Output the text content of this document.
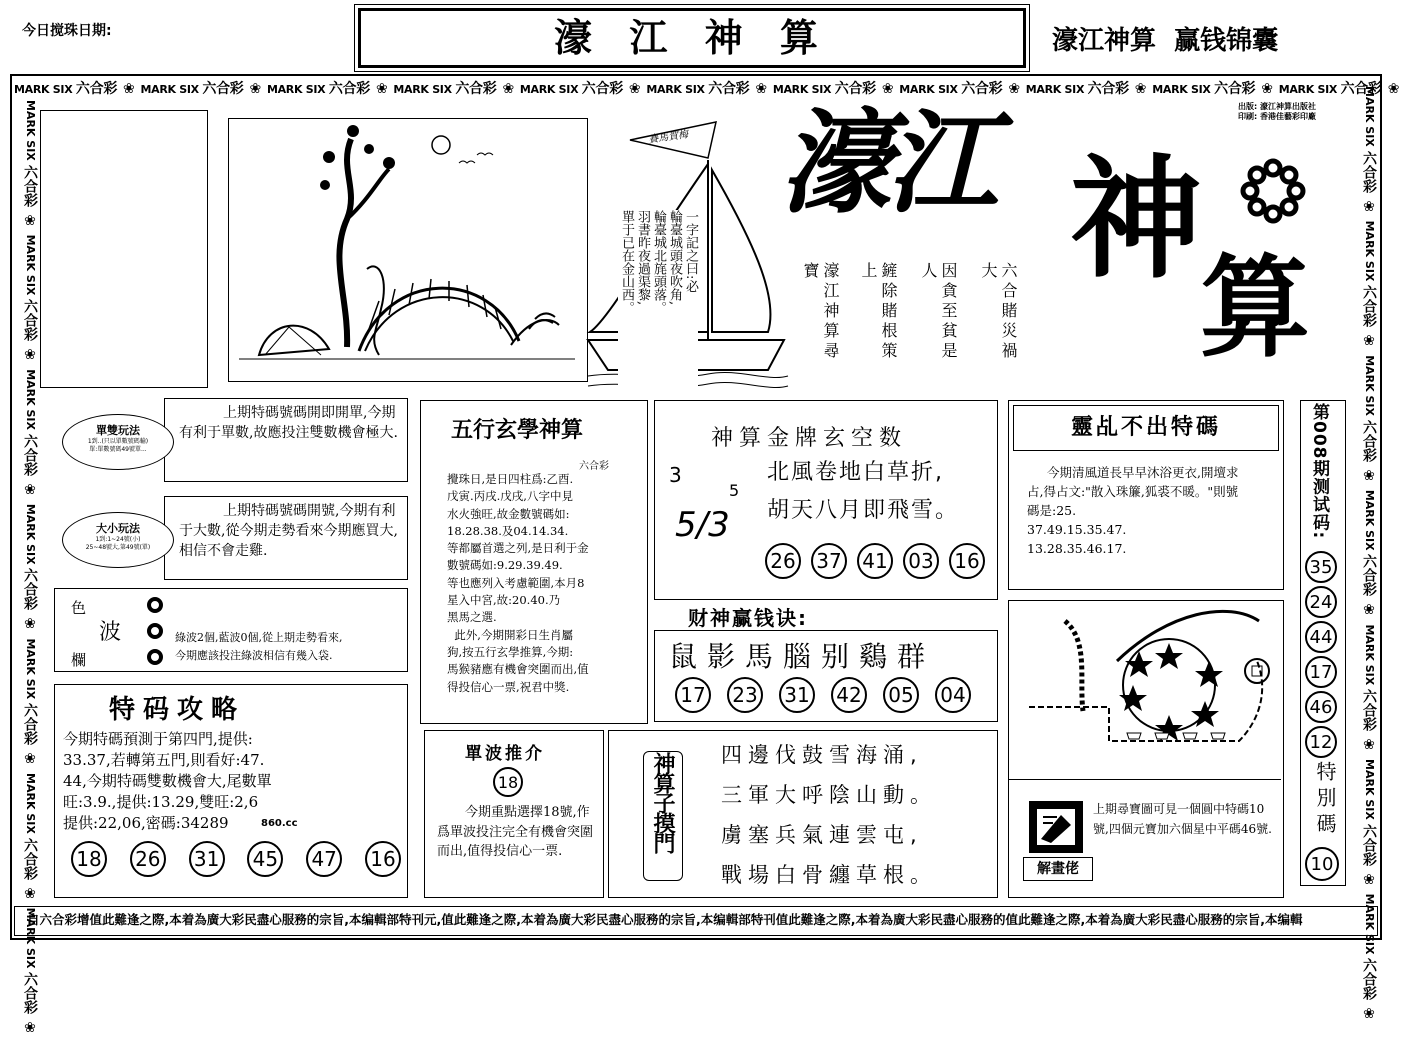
今日搅珠日期:	濠 江 神 算	濠江神算  赢钱锦囊
MARK SIX 六合彩 ❀ MARK SIX 六合彩 ❀ MARK SIX 六合彩 ❀ MARK SIX 六合彩 ❀ MARK SIX 六合彩 ❀ MARK SIX 六合彩 ❀ MARK SIX 六合彩 ❀ MARK SIX 六合彩 ❀ MARK SIX 六合彩 ❀ MARK SIX 六合彩 ❀ MARK SIX 六合彩 ❀
MARK SIX 六合彩❀MARK SIX 六合彩❀MARK SIX 六合彩❀MARK SIX 六合彩❀MARK SIX 六合彩❀MARK SIX 六合彩❀MARK SIX 六合彩❀
MARK SIX 六合彩❀MARK SIX 六合彩❀MARK SIX 六合彩❀MARK SIX 六合彩❀MARK SIX 六合彩❀MARK SIX 六合彩❀MARK SIX 六合彩❀
出版: 濠江神算出版社
印刷: 香港佳藝彩印廠
賽馬賀梅
一字記之曰:必
輪臺城頭夜吹角,
輪臺城北旄頭落。
羽書昨夜過渠黎,
單于已在金山西。
濠江 神
算
濠江神算尋寶	鏟除賭根策上	因貪至貧是人	六合賭災禍大
上期特碼號碼開即開單,今期有利于單數,故應投注雙數機會極大.
單雙玩法
1到..(只以單數號碼輸)
單:單數號碼49號單...
上期特碼號碼開號,今期有利于大數,從今期走勢看來今期應買大,相信不會走雞.
大小玩法
1到:1~24號(小)
25~48號大,第49號(單)
色
波
欄

綠波2個,藍波0個,從上期走勢看來,
今期應該投注綠波相信有幾入袋.
特码攻略
今期特碼預測于第四門,提供:
33.37,若轉第五門,則看好:47.
44,今期特碼雙數機會大,尾數單
旺:3.9.,提供:13.29,雙旺:2,6
提供:22,06,密碼:34289	860.cc
18 26 31 45 47 16
五行玄學神算
六合彩
攪珠日,是日四柱爲:乙酉.
戊寅.丙戌.戊戌,八字中見
水火強旺,故金數號碼如:
18.28.38.及04.14.34.
等都屬首選之列,是日利于金
數號碼如:9.29.39.49.
等也應列入考慮範圍,本月8
星入中宮,故:20.40.乃
黑馬之選.
此外,今期開彩日生肖屬
狗,按五行玄學推算,今期:
馬猴豬應有機會突圍而出,值
得投信心一票,祝君中獎.
單波推介
18
今期重點選擇18號,作爲單波投注完全有機會突圍而出,值得投信心一票.
神算金牌玄空数
3
5
5/3
北風卷地白草折,
胡天八月即飛雪。
26 37 41 03 16
财神赢钱诀:
鼠影馬腦别鷄群
17 23 31 42 05 04
神算子摸門 四邊伐鼓雪海涌,
三軍大呼陰山動。
虜塞兵氣連雲屯,
戰場白骨纏草根。
靈乩不出特碼
今期清風道長早早沐浴更衣,開壇求占,得占文:"散入珠簾,狐裘不暖。"則號碼是:25.
37.49.15.35.47.
13.28.35.46.17.
上期尋寶圖可見一個圓中特碼10號,四個元寶加六個星中平碼46號.
解畫佬
第008期测试码:
35
24
44
17
46
12
特別碼
10
自六合彩增值此難逢之際,本着為廣大彩民盡心服務的宗旨,本编輯部特刊元,值此難逢之際,本着為廣大彩民盡心服務的宗旨,本编輯部特刊值此難逢之際,本着為廣大彩民盡心服務的值此難逢之際,本着為廣大彩民盡心服務的宗旨,本编輯
